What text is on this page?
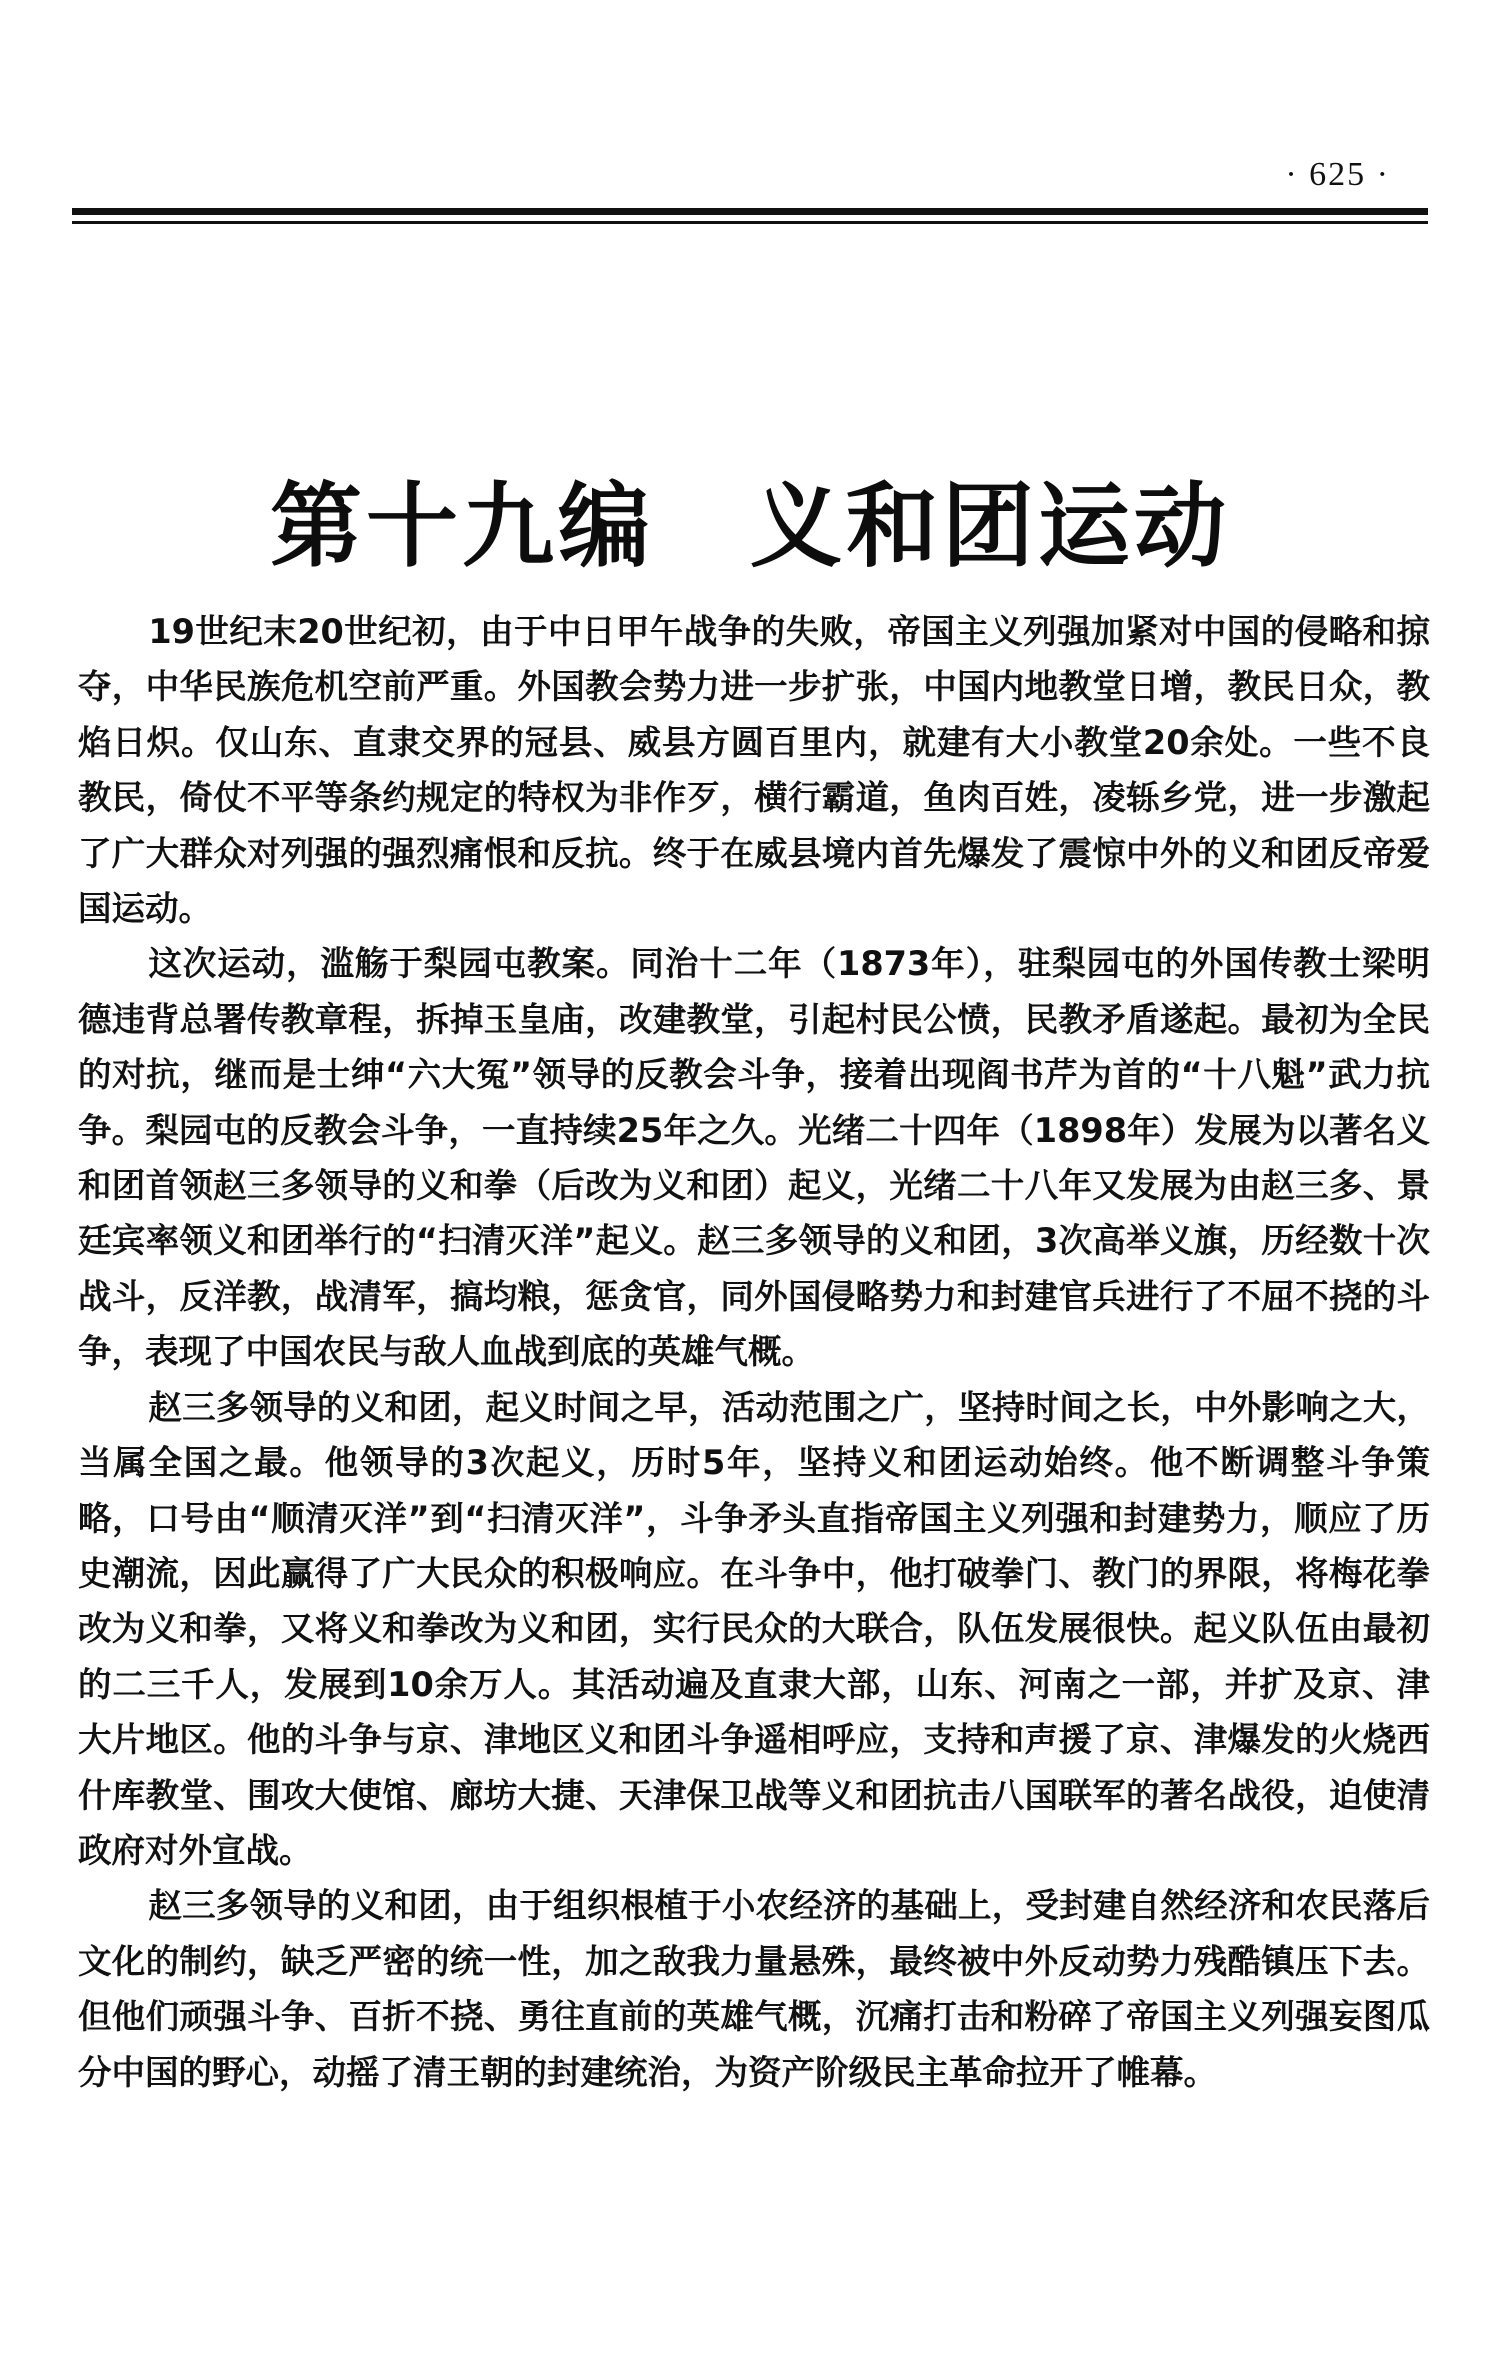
· 625 ·
第十九编　义和团运动

19世纪末20世纪初，由于中日甲午战争的失败，帝国主义列强加紧对中国的侵略和掠夺，中华民族危机空前严重。外国教会势力进一步扩张，中国内地教堂日增，教民日众，教焰日炽。仅山东、直隶交界的冠县、威县方圆百里内，就建有大小教堂20余处。一些不良教民，倚仗不平等条约规定的特权为非作歹，横行霸道，鱼肉百姓，凌轹乡党，进一步激起了广大群众对列强的强烈痛恨和反抗。终于在威县境内首先爆发了震惊中外的义和团反帝爱国运动。

这次运动，滥觞于梨园屯教案。同治十二年（1873年），驻梨园屯的外国传教士梁明德违背总署传教章程，拆掉玉皇庙，改建教堂，引起村民公愤，民教矛盾遂起。最初为全民的对抗，继而是士绅“六大冤”领导的反教会斗争，接着出现阎书芹为首的“十八魁”武力抗争。梨园屯的反教会斗争，一直持续25年之久。光绪二十四年（1898年）发展为以著名义和团首领赵三多领导的义和拳（后改为义和团）起义，光绪二十八年又发展为由赵三多、景廷宾率领义和团举行的“扫清灭洋”起义。赵三多领导的义和团，3次高举义旗，历经数十次战斗，反洋教，战清军，搞均粮，惩贪官，同外国侵略势力和封建官兵进行了不屈不挠的斗争，表现了中国农民与敌人血战到底的英雄气概。

赵三多领导的义和团，起义时间之早，活动范围之广，坚持时间之长，中外影响之大，当属全国之最。他领导的3次起义，历时5年，坚持义和团运动始终。他不断调整斗争策略，口号由“顺清灭洋”到“扫清灭洋”，斗争矛头直指帝国主义列强和封建势力，顺应了历史潮流，因此赢得了广大民众的积极响应。在斗争中，他打破拳门、教门的界限，将梅花拳改为义和拳，又将义和拳改为义和团，实行民众的大联合，队伍发展很快。起义队伍由最初的二三千人，发展到10余万人。其活动遍及直隶大部，山东、河南之一部，并扩及京、津大片地区。他的斗争与京、津地区义和团斗争遥相呼应，支持和声援了京、津爆发的火烧西什库教堂、围攻大使馆、廊坊大捷、天津保卫战等义和团抗击八国联军的著名战役，迫使清政府对外宣战。

赵三多领导的义和团，由于组织根植于小农经济的基础上，受封建自然经济和农民落后文化的制约，缺乏严密的统一性，加之敌我力量悬殊，最终被中外反动势力残酷镇压下去。但他们顽强斗争、百折不挠、勇往直前的英雄气概，沉痛打击和粉碎了帝国主义列强妄图瓜分中国的野心，动摇了清王朝的封建统治，为资产阶级民主革命拉开了帷幕。
